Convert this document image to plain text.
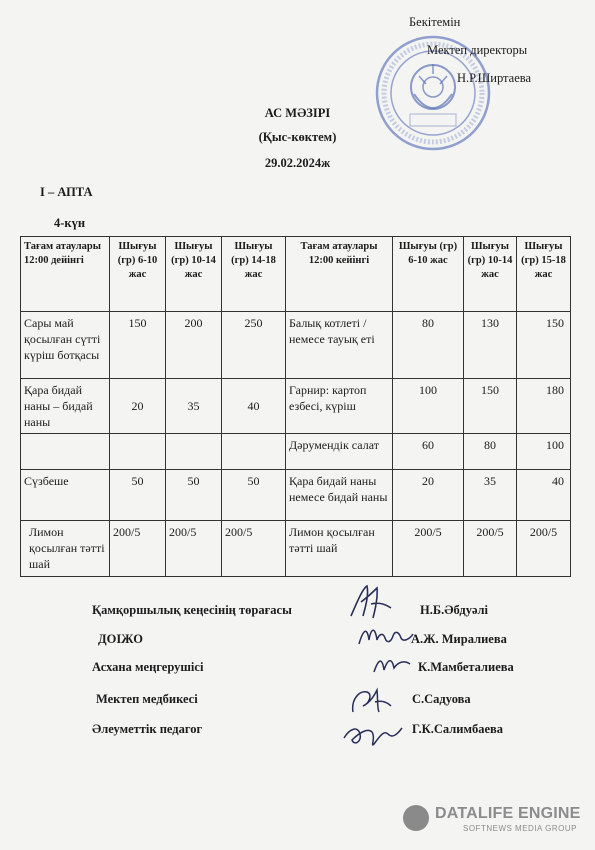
Бекітемін
Мектеп директоры
Н.Р.Ширтаева
АС МӘЗІРІ
(Қыс-көктем)
29.02.2024ж
I – АПТА
4-күн
Тағам атаулары 12:00 дейінгі	Шығуы (гр) 6-10 жас	Шығуы (гр) 10-14 жас	Шығуы (гр) 14-18 жас	Тағам атаулары 12:00 кейінгі	Шығуы (гр) 6-10 жас	Шығуы (гр) 10-14 жас	Шығуы (гр) 15-18 жас
Сары май қосылған сүтті күріш ботқасы	150	200	250	Балық котлеті /немесе тауық еті	80	130	150
Қара бидай наны – бидай наны	20	35	40	Гарнир: картоп езбесі, күріш	100	150	180
				Дәрумендік салат	60	80	100
Сүзбеше	50	50	50	Қара бидай наны немесе бидай наны	20	35	40
Лимон қосылған тәтті шай	200/5	200/5	200/5	Лимон қосылған тәтті шай	200/5	200/5	200/5
Қамқоршылық кеңесінің төрағасы	Н.Б.Әбдуәлі
ДОІЖО	А.Ж. Миралиева
Асхана меңгерушісі	К.Мамбеталиева
Мектеп медбикесі	С.Садуова
Әлеуметтік педагог	Г.К.Салимбаева
DATALIFE ENGINE
SOFTNEWS MEDIA GROUP
